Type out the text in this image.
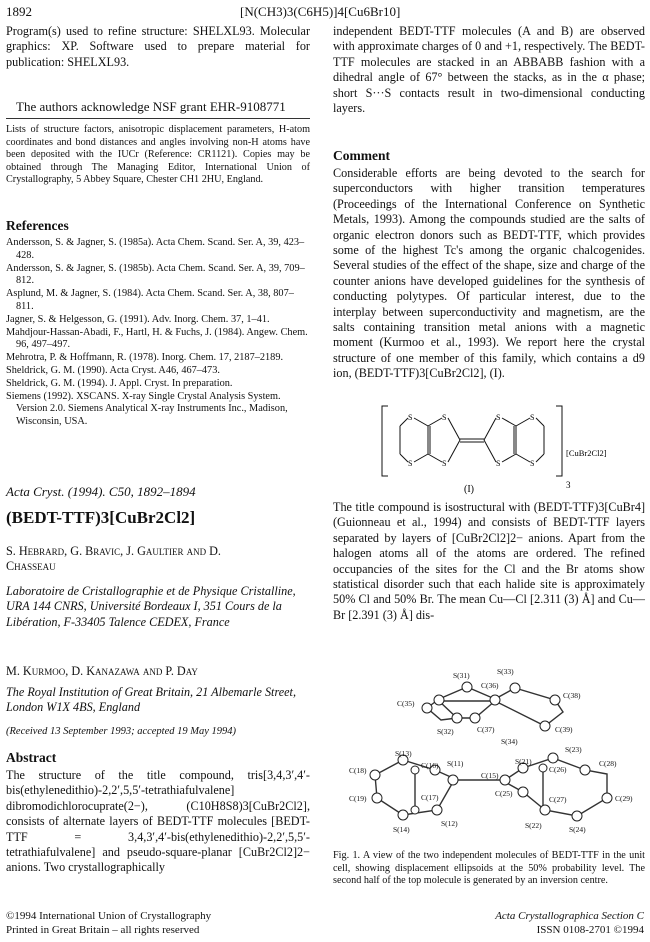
1892	[N(CH3)3(C6H5)]4[Cu6Br10]

Program(s) used to refine structure: SHELXL93. Molecular graphics: XP. Software used to prepare material for publication: SHELXL93.

The authors acknowledge NSF grant EHR-9108771

Lists of structure factors, anisotropic displacement parameters, H-atom coordinates and bond distances and angles involving non-H atoms have been deposited with the IUCr (Reference: CR1121). Copies may be obtained through The Managing Editor, International Union of Crystallography, 5 Abbey Square, Chester CH1 2HU, England.

References

Andersson, S. & Jagner, S. (1985a). Acta Chem. Scand. Ser. A, 39, 423–428.

Andersson, S. & Jagner, S. (1985b). Acta Chem. Scand. Ser. A, 39, 709–812.

Asplund, M. & Jagner, S. (1984). Acta Chem. Scand. Ser. A, 38, 807–811.

Jagner, S. & Helgesson, G. (1991). Adv. Inorg. Chem. 37, 1–41.

Mahdjour-Hassan-Abadi, F., Hartl, H. & Fuchs, J. (1984). Angew. Chem. 96, 497–497.

Mehrotra, P. & Hoffmann, R. (1978). Inorg. Chem. 17, 2187–2189.

Sheldrick, G. M. (1990). Acta Cryst. A46, 467–473.

Sheldrick, G. M. (1994). J. Appl. Cryst. In preparation.

Siemens (1992). XSCANS. X-ray Single Crystal Analysis System. Version 2.0. Siemens Analytical X-ray Instruments Inc., Madison, Wisconsin, USA.

Acta Cryst. (1994). C50, 1892–1894
(BEDT-TTF)3[CuBr2Cl2]
S. Hebrard, G. Bravic, J. Gaultier and D. Chasseau
Laboratoire de Cristallographie et de Physique Cristalline, URA 144 CNRS, Université Bordeaux I, 351 Cours de la Libération, F-33405 Talence CEDEX, France
M. Kurmoo, D. Kanazawa and P. Day
The Royal Institution of Great Britain, 21 Albemarle Street, London W1X 4BS, England
(Received 13 September 1993; accepted 19 May 1994)
Abstract

The structure of the title compound, tris[3,4,3′,4′-bis(ethylenedithio)-2,2′,5,5′-tetrathiafulvalene] dibromodichlorocuprate(2−), (C10H8S8)3[CuBr2Cl2], consists of alternate layers of BEDT-TTF molecules [BEDT-TTF = 3,4,3′,4′-bis(ethylenedithio)-2,2′,5,5′-tetrathiafulvalene] and pseudo-square-planar [CuBr2Cl2]2− anions. Two crystallographically

independent BEDT-TTF molecules (A and B) are observed with approximate charges of 0 and +1, respectively. The BEDT-TTF molecules are stacked in an ABBABB fashion with a dihedral angle of 67° between the stacks, as in the α phase; short S···S contacts result in two-dimensional conducting layers.

Comment

Considerable efforts are being devoted to the search for superconductors with higher transition temperatures (Proceedings of the International Conference on Synthetic Metals, 1993). Among the compounds studied are the salts of organic electron donors such as BEDT-TTF, which provides some of the highest Tc's among the organic chalcogenides. Several studies of the effect of the shape, size and charge of the counter anions have developed guidelines for the synthesis of conducting polytypes. Of particular interest, due to the interplay between superconductivity and magnetism, are the salts containing transition metal anions with a magnetic moment (Kurmoo et al., 1993). We report here the crystal structure of one member of this family, which contains a d9 ion, (BEDT-TTF)3[CuBr2Cl2], (I).

S
S
S
S
S
S
S
S
3
[CuBr2Cl2]
(I)

The title compound is isostructural with (BEDT-TTF)3[CuBr4] (Guionneau et al., 1994) and consists of BEDT-TTF layers separated by layers of [CuBr2Cl2]2− anions. Apart from the halogen atoms all of the atoms are ordered. The refined occupancies of the sites for the Cl and the Br atoms show statistical disorder such that each halide site is approximately 50% Cl and 50% Br. The mean Cu—Cl [2.311 (3) Å] and Cu—Br [2.391 (3) Å] dis-

S(31)	S(33)
C(36)
C(35)
C(38)
C(37)	C(39)
S(32)
S(34)
S(13)
S(11)	S(21)
S(23)
C(16)	C(26)
C(18)
C(28)
C(15)
C(25)
C(19)	C(29)
C(17)	C(27)
S(14)
S(12)	S(22)	S(24)

Fig. 1. A view of the two independent molecules of BEDT-TTF in the unit cell, showing displacement ellipsoids at the 50% probability level. The second half of the top molecule is generated by an inversion centre.

©1994 International Union of Crystallography
Printed in Great Britain – all rights reserved
Acta Crystallographica Section C
ISSN 0108-2701 ©1994
